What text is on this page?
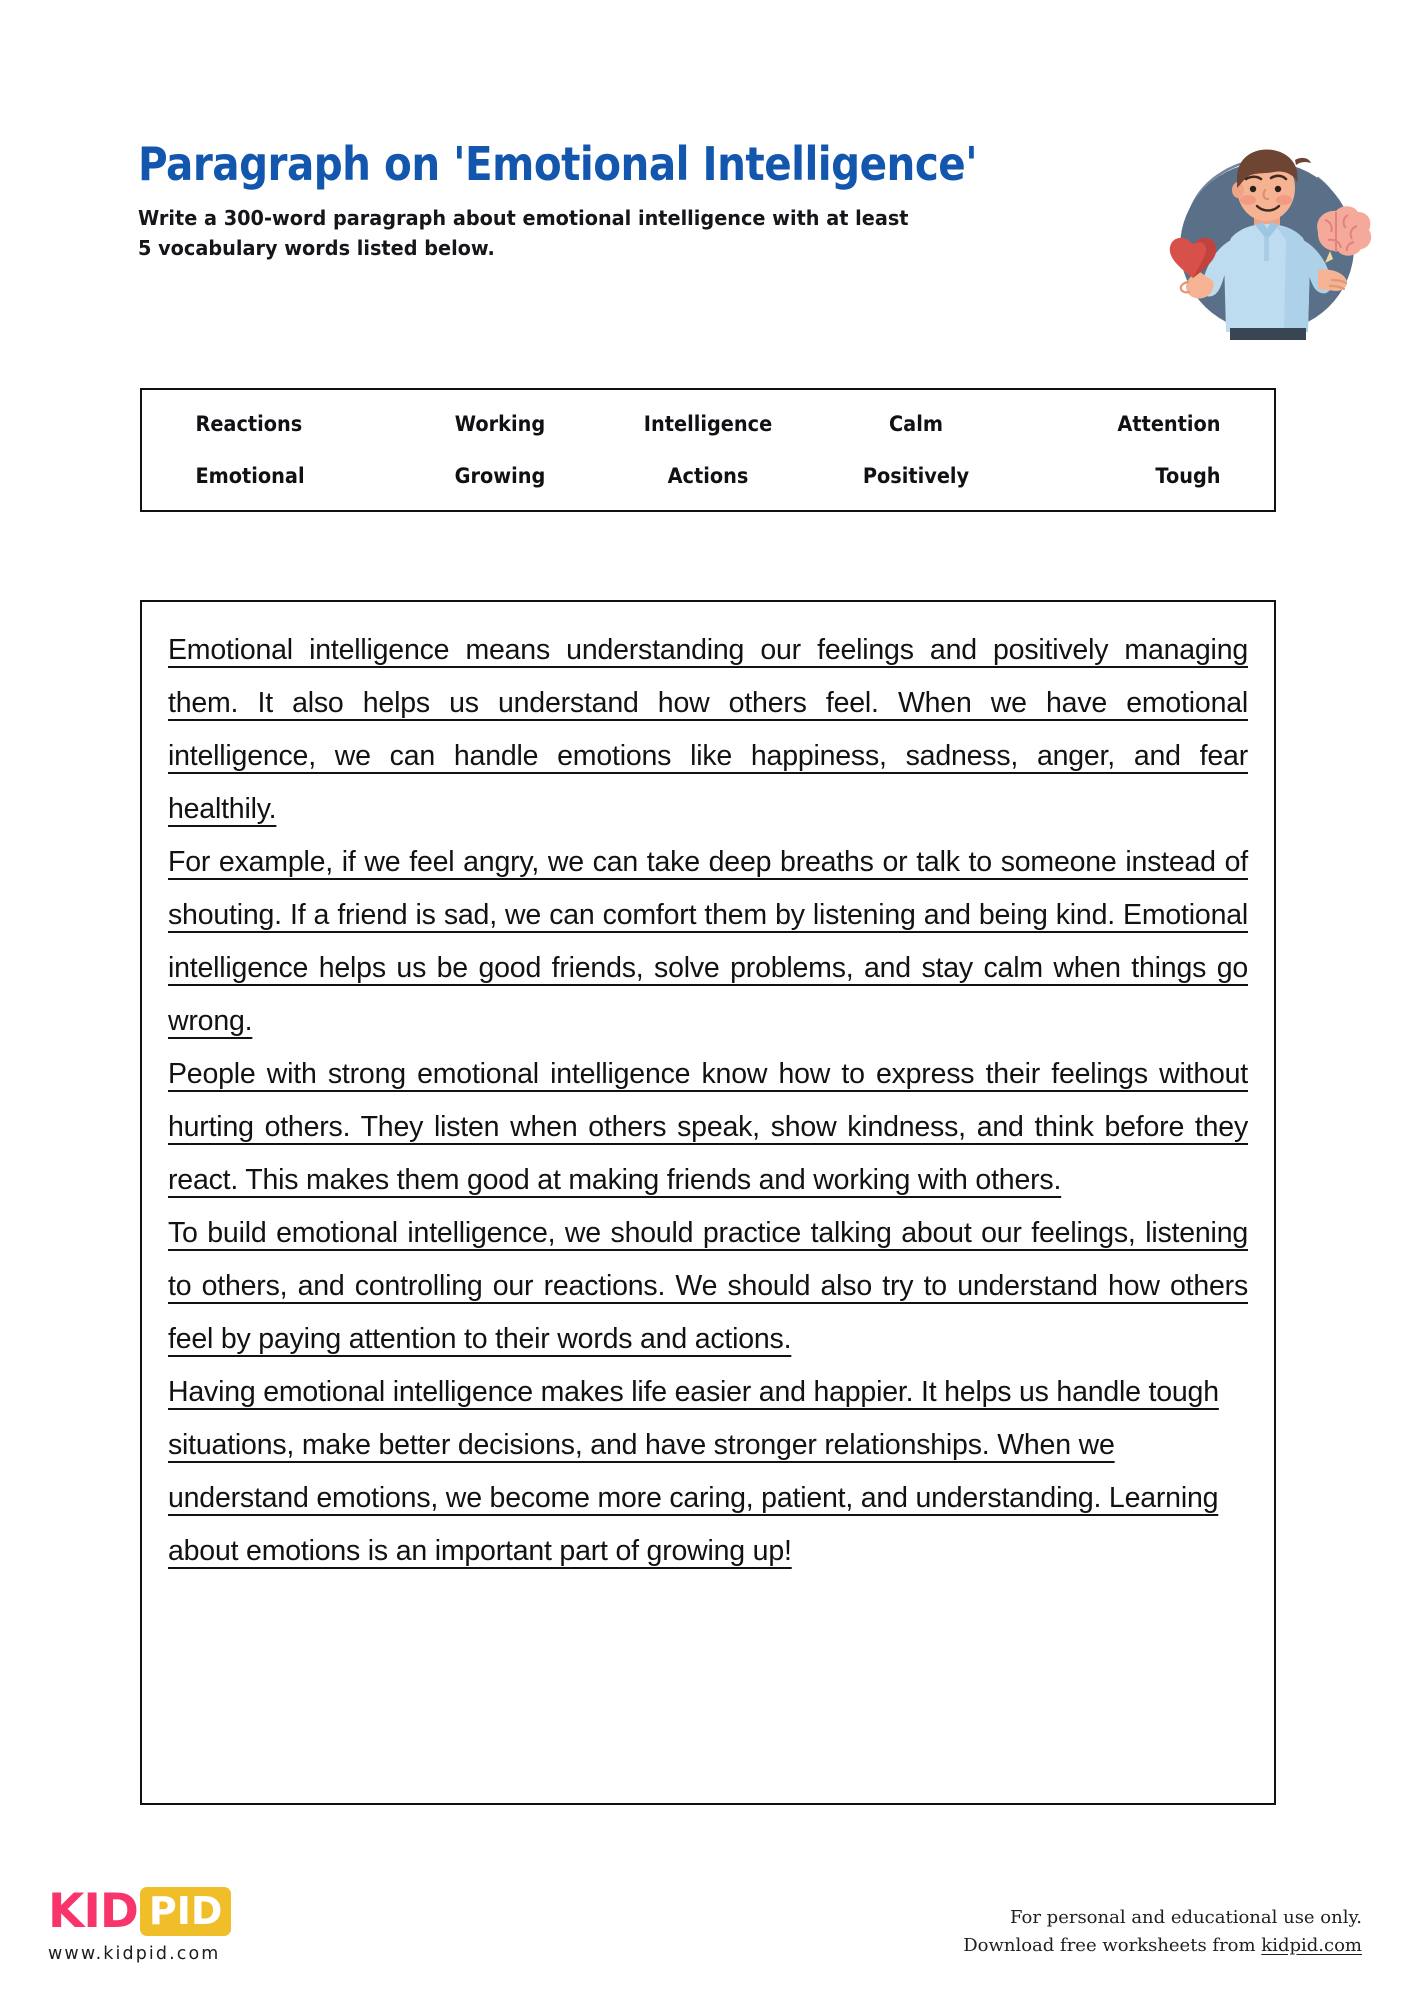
Paragraph on 'Emotional Intelligence'
Write a 300-word paragraph about emotional intelligence with at least
5 vocabulary words listed below.
Reactions	Working	Intelligence	Calm	Attention
Emotional	Growing	Actions	Positively	Tough

Emotional intelligence means understanding our feelings and positively managing them. It also helps us understand how others feel. When we have emotional intelligence, we can handle emotions like happiness, sadness, anger, and fear healthily.

For example, if we feel angry, we can take deep breaths or talk to someone instead of shouting. If a friend is sad, we can comfort them by listening and being kind. Emotional intelligence helps us be good friends, solve problems, and stay calm when things go wrong.

People with strong emotional intelligence know how to express their feelings without hurting others. They listen when others speak, show kindness, and think before they react. This makes them good at making friends and working with others.

To build emotional intelligence, we should practice talking about our feelings, listening to others, and controlling our reactions. We should also try to understand how others feel by paying attention to their words and actions.

Having emotional intelligence makes life easier and happier. It helps us handle tough situations, make better decisions, and have stronger relationships. When we understand emotions, we become more caring, patient, and understanding. Learning about emotions is an important part of growing up!

KID PID
www.kidpid.com
For personal and educational use only.
Download free worksheets from kidpid.com
